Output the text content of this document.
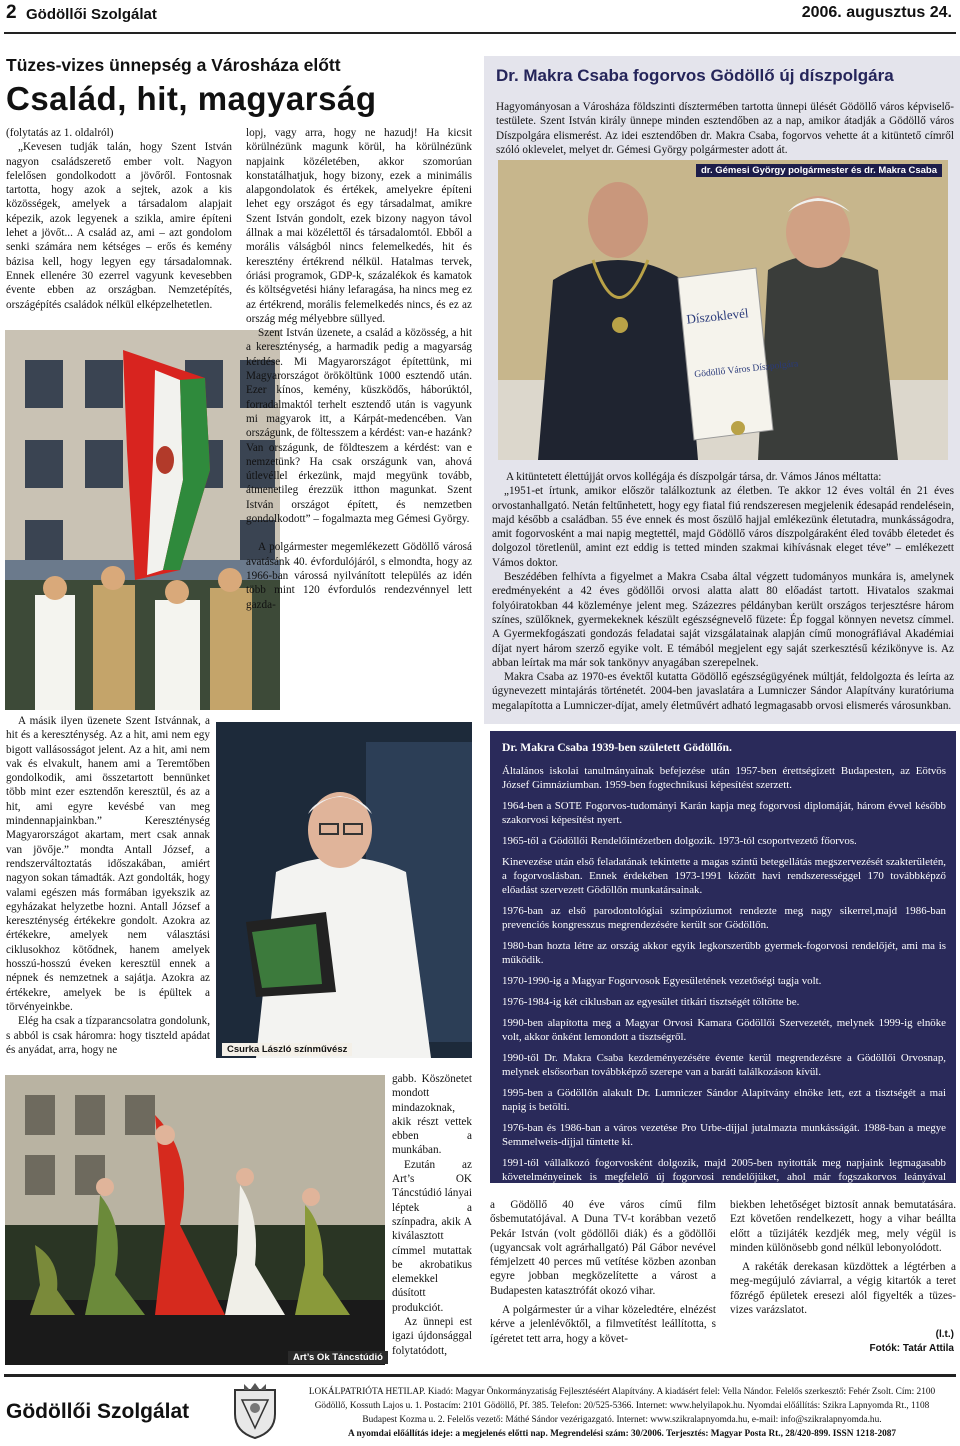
2 Gödöllői Szolgálat	2006. augusztus 24.
Tüzes-vizes ünnepség a Városháza előtt
Család, hit, magyarság

(folytatás az 1. oldalról)

„Kevesen tudják talán, hogy Szent István nagyon családszerető ember volt. Nagyon felelősen gondolkodott a jövőről. Fontosnak tartotta, hogy azok a sejtek, azok a kis közösségek, amelyek a társadalom alapjait képezik, azok legyenek a szikla, amire építeni lehet a jövőt... A család az, ami – azt gondolom senki számára nem kétséges – erős és kemény bázisa kell, hogy legyen egy társadalomnak. Ennek ellenére 30 ezerrel vagyunk kevesebben évente ebben az országban. Nemzetépítés, országépítés családok nélkül elképzelhetetlen.

A másik ilyen üzenete Szent Istvánnak, a hit és a kereszténység. Az a hit, ami nem egy bigott vallásosságot jelent. Az a hit, ami nem vak és elvakult, hanem ami a Teremtőben gondolkodik, ami összetartott bennünket több mint ezer esztendőn keresztül, és az a hit, ami egyre kevésbé van meg mindennapjainkban.” Kereszténység Magyarországot akartam, mert csak annak van jövője.” mondta Antall József, a rendszerváltoztatás időszakában, amiért nagyon sokan támadták. Azt gondolták, hogy valami egészen más formában igyekszik az egyházakat helyzetbe hozni. Antall József a kereszténység értékekre gondolt. Azokra az értékekre, amelyek nem választási ciklusokhoz kötődnek, hanem amelyek hosszú-hosszú éveken keresztül ennek a népnek és nemzetnek a sajátja. Azokra az értékekre, amelyek be is épültek a törvényeinkbe.

Elég ha csak a tízparancsolatra gondolunk, s abból is csak háromra: hogy tiszteld apádat és anyádat, arra, hogy ne

lopj, vagy arra, hogy ne hazudj! Ha kicsit körülnézünk magunk körül, ha körülnézünk napjaink közéletében, akkor szomorúan konstatálhatjuk, hogy bizony, ezek a minimális alapgondolatok és értékek, amelyekre építeni lehet egy országot és egy társadalmat, amikre Szent István gondolt, ezek bizony nagyon távol állnak a mai közélettől és társadalomtól. Ebből a morális válságból nincs felemelkedés, hit és keresztény értékrend nélkül. Hatalmas tervek, óriási programok, GDP-k, százalékok és kamatok és költségvetési hiány lefaragása, ha nincs meg ez az értékrend, morális felemelkedés nincs, és ez az ország még mélyebbre süllyed.

Szent István üzenete, a család a közösség, a hit a kereszténység, a harmadik pedig a magyarság kérdése. Mi Magyarországot építettünk, mi Magyarországot örököltünk 1000 esztendő után. Ezer kínos, kemény, küszködős, háborúktól, forradalmaktól terhelt esztendő után is vagyunk mi magyarok itt, a Kárpát-medencében. Van országunk, de föltesszem a kérdést: van-e hazánk? Van országunk, de földteszem a kérdést: van e nemzetünk? Ha csak országunk van, ahová útlevéllel érkezünk, majd megyünk tovább, átmenetileg érezzük itthon magunkat. Szent István országot épített, és nemzetben gondolkodott” – fogalmazta meg Gémesi György.

A polgármester megemlékezett Gödöllő városá avatásánk 40. évfordulójáról, s elmondta, hogy az 1966-ban várossá nyilvánított település az idén több mint 120 évfordulós rendezvénnyel lett gazda-

Csurka László színművész
Art’s Ok Táncstúdió

gabb. Köszönetet mondott mindazoknak, akik részt vettek ebben a munkában.

Ezután az Art’s OK Táncstúdió lányai léptek a színpadra, akik A kiválasztott címmel mutattak be akrobatikus elemekkel dúsított produkciót.

Az ünnepi est igazi újdonsággal folytatódott,

Dr. Makra Csaba fogorvos Gödöllő új díszpolgára

Hagyományosan a Városháza földszinti dísztermében tartotta ünnepi ülését Gödöllő város képviselő-testülete. Szent István király ünnepe minden esztendőben az a nap, amikor átadják a Gödöllő város Díszpolgára elismerést. Az idei esztendőben dr. Makra Csaba, fogorvos vehette át a kitüntető címről szóló oklevelet, melyet dr. Gémesi György polgármester adott át.

Díszoklevél
Gödöllő Város Díszpolgára
dr. Gémesi György polgármester és dr. Makra Csaba

A kitüntetett élettújját orvos kollégája és díszpolgár társa, dr. Vámos János méltatta:

„1951-et írtunk, amikor először találkoztunk az életben. Te akkor 12 éves voltál én 21 éves orvostanhallgató. Netán feltűnhetett, hogy egy fiatal fiú rendszeresen megjelenik édesapád rendelésein, majd később a családban. 55 éve ennek és most őszülő hajjal emlékezünk életutadra, munkásságodra, amit fogorvosként a mai napig megtettél, majd Gödöllő város díszpolgáraként éled tovább életedet és dolgozol töretlenül, amint ezt eddig is tetted minden szakmai kihívásnak eleget téve” – emlékezett Vámos doktor.

Beszédében felhívta a figyelmet a Makra Csaba által végzett tudományos munkára is, amelynek eredményeként a 42 éves gödöllői orvosi alatta alatt 80 előadást tartott. Hivatalos szakmai folyóiratokban 44 közleménye jelent meg. Százezres példányban került országos terjesztésre három színes, szülőknek, gyermekeknek készült egészségnevelő füzete: Ép foggal könnyen nevetsz címmel. A Gyermekfogászati gondozás feladatai saját vizsgálatainak alapján című monográfiával Akadémiai díjat nyert három szerző egyike volt. E témából megjelent egy saját szerkesztésű kézikönyve is. Az abban leírtak ma már sok tankönyv anyagában szerepelnek.

Makra Csaba az 1970-es évektől kutatta Gödöllő egészségügyének múltját, feldolgozta és leírta az úgynevezett mintajárás történetét. 2004-ben javaslatára a Lumniczer Sándor Alapítvány kuratóriuma megalapította a Lumniczer-díjat, amely életművért adható legmagasabb orvosi elismerés városunkban.

Dr. Makra Csaba 1939-ben született Gödöllőn.

Általános iskolai tanulmányainak befejezése után 1957-ben érettségizett Budapesten, az Eötvös József Gimnáziumban. 1959-ben fogtechnikusi képesítést szerzett.

1964-ben a SOTE Fogorvos-tudományi Karán kapja meg fogorvosi diplomáját, három évvel később szakorvosi képesítést nyert.

1965-től a Gödöllői Rendelőintézetben dolgozik. 1973-tól csoportvezető főorvos.

Kinevezése után első feladatának tekintette a magas szintű betegellátás megszervezését szakterületén, a fogorvoslásban. Ennek érdekében 1973-1991 között havi rendszerességgel 170 továbbképző előadást szervezett Gödöllőn munkatársainak.

1976-ban az első parodontológiai szimpóziumot rendezte meg nagy sikerrel,majd 1986-ban prevenciós kongresszus megrendezésére került sor Gödöllőn.

1980-ban hozta létre az ország akkor egyik legkorszerűbb gyermek-fogorvosi rendelőjét, ami ma is működik.

1970-1990-ig a Magyar Fogorvosok Egyesületének vezetőségi tagja volt.

1976-1984-ig két ciklusban az egyesület titkári tisztségét töltötte be.

1990-ben alapította meg a Magyar Orvosi Kamara Gödöllői Szervezetét, melynek 1999-ig elnöke volt, akkor önként lemondott a tisztségről.

1990-től Dr. Makra Csaba kezdeményezésére évente kerül megrendezésre a Gödöllői Orvosnap, melynek elsősorban továbbképző szerepe van a baráti találkozáson kívül.

1995-ben a Gödöllőn alakult Dr. Lumniczer Sándor Alapítvány elnöke lett, ezt a tisztségét a mai napig is betölti.

1976-ban és 1986-ban a város vezetése Pro Urbe-díjjal jutalmazta munkásságát. 1988-ban a megye Semmelweis-díjjal tüntette ki.

1991-től vállalkozó fogorvosként dolgozik, majd 2005-ben nyitották meg napjaink legmagasabb követelményeinek is megfelelő új fogorvosi rendelőjüket, ahol már fogszakorvos leányával dolgoznak együtt.

a Gödöllő 40 éve város című film ősbemutatójával. A Duna TV-t korábban vezető Pekár István (volt gödöllői diák) és a gödöllői (ugyancsak volt agrárhallgató) Pál Gábor nevével fémjelzett 40 perces mű vetítése közben azonban egyre jobban megközelítette a várost a Budapesten katasztrófát okozó vihar.

A polgármester úr a vihar közeledtére, elnézést kérve a jelenlévőktől, a filmvetítést leállította, s ígéretet tett arra, hogy a követ-

biekben lehetőséget biztosít annak bemutatására. Ezt követően rendelkezett, hogy a vihar beállta előtt a tűzijáték kezdjék meg, mely végül is minden különösebb gond nélkül lebonyolódott.

A rakéták derekasan küzdöttek a légtérben a meg-megújuló záviarral, a végig kitartók a teret főzrégő épületek eresezi alól figyelték a tüzes-vizes varázslatot.

(l.t.)
Fotók: Tatár Attila
Gödöllői Szolgálat
LOKÁLPATRIÓTA HETILAP. Kiadó: Magyar Önkormányzatiság Fejlesztéséért Alapítvány. A kiadásért felel: Vella Nándor. Felelős szerkesztő: Fehér Zsolt. Cím: 2100
Gödöllő, Kossuth Lajos u. 1. Postacím: 2101 Gödöllő, Pf. 385. Telefon: 20/525-5366. Internet: www.helyilapok.hu. Nyomdai előállítás: Szikra Lapnyomda Rt., 1108
Budapest Kozma u. 2. Felelős vezető: Máthé Sándor vezérigazgató. Internet: www.szikralapnyomda.hu, e-mail: info@szikralapnyomda.hu.
A nyomdai előállítás ideje: a megjelenés előtti nap. Megrendelési szám: 30/2006. Terjesztés: Magyar Posta Rt., 28/420-899. ISSN 1218-2087
